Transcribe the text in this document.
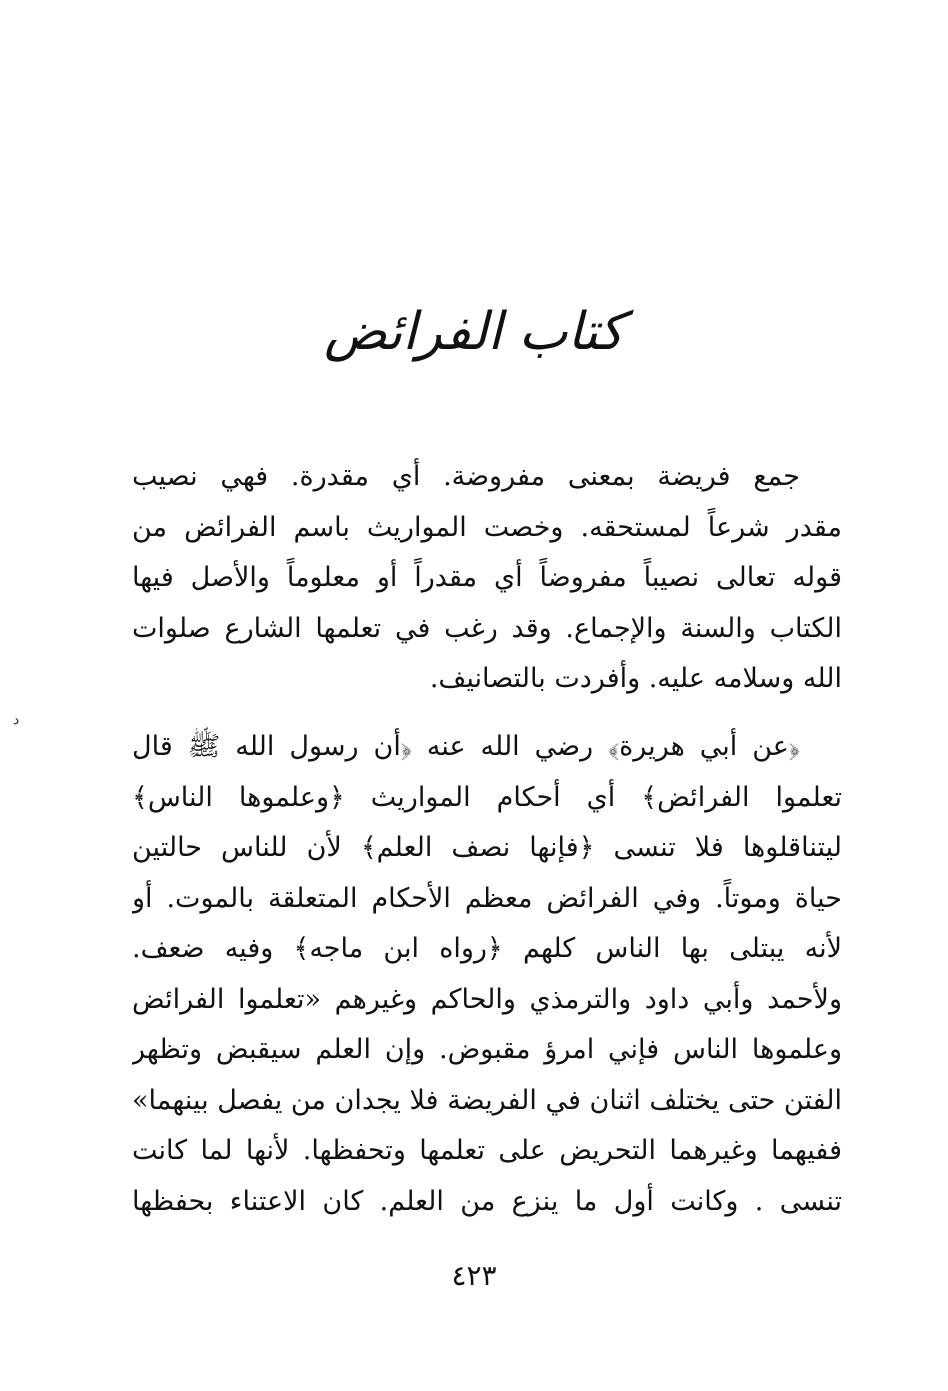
كتاب الفرائض
د
جمع فريضة بمعنى مفروضة. أي مقدرة. فهي نصيب
مقدر شرعاً لمستحقه. وخصت المواريث باسم الفرائض من
قوله تعالى نصيباً مفروضاً أي مقدراً أو معلوماً والأصل فيها
الكتاب والسنة والإجماع. وقد رغب في تعلمها الشارع صلوات
الله وسلامه عليه. وأفردت بالتصانيف.
﴿عن أبي هريرة﴾ رضي الله عنه ﴿أن رسول الله ﷺ قال
تعلموا الفرائض﴾ أي أحكام المواريث ﴿وعلموها الناس﴾
ليتناقلوها فلا تنسى ﴿فإنها نصف العلم﴾ لأن للناس حالتين
حياة وموتاً. وفي الفرائض معظم الأحكام المتعلقة بالموت. أو
لأنه يبتلى بها الناس كلهم ﴿رواه ابن ماجه﴾ وفيه ضعف.
ولأحمد وأبي داود والترمذي والحاكم وغيرهم «تعلموا الفرائض
وعلموها الناس فإني امرؤ مقبوض. وإن العلم سيقبض وتظهر
الفتن حتى يختلف اثنان في الفريضة فلا يجدان من يفصل بينهما»
ففيهما وغيرهما التحريض على تعلمها وتحفظها. لأنها لما كانت
تنسى . وكانت أول ما ينزع من العلم. كان الاعتناء بحفظها
٤٢٣
